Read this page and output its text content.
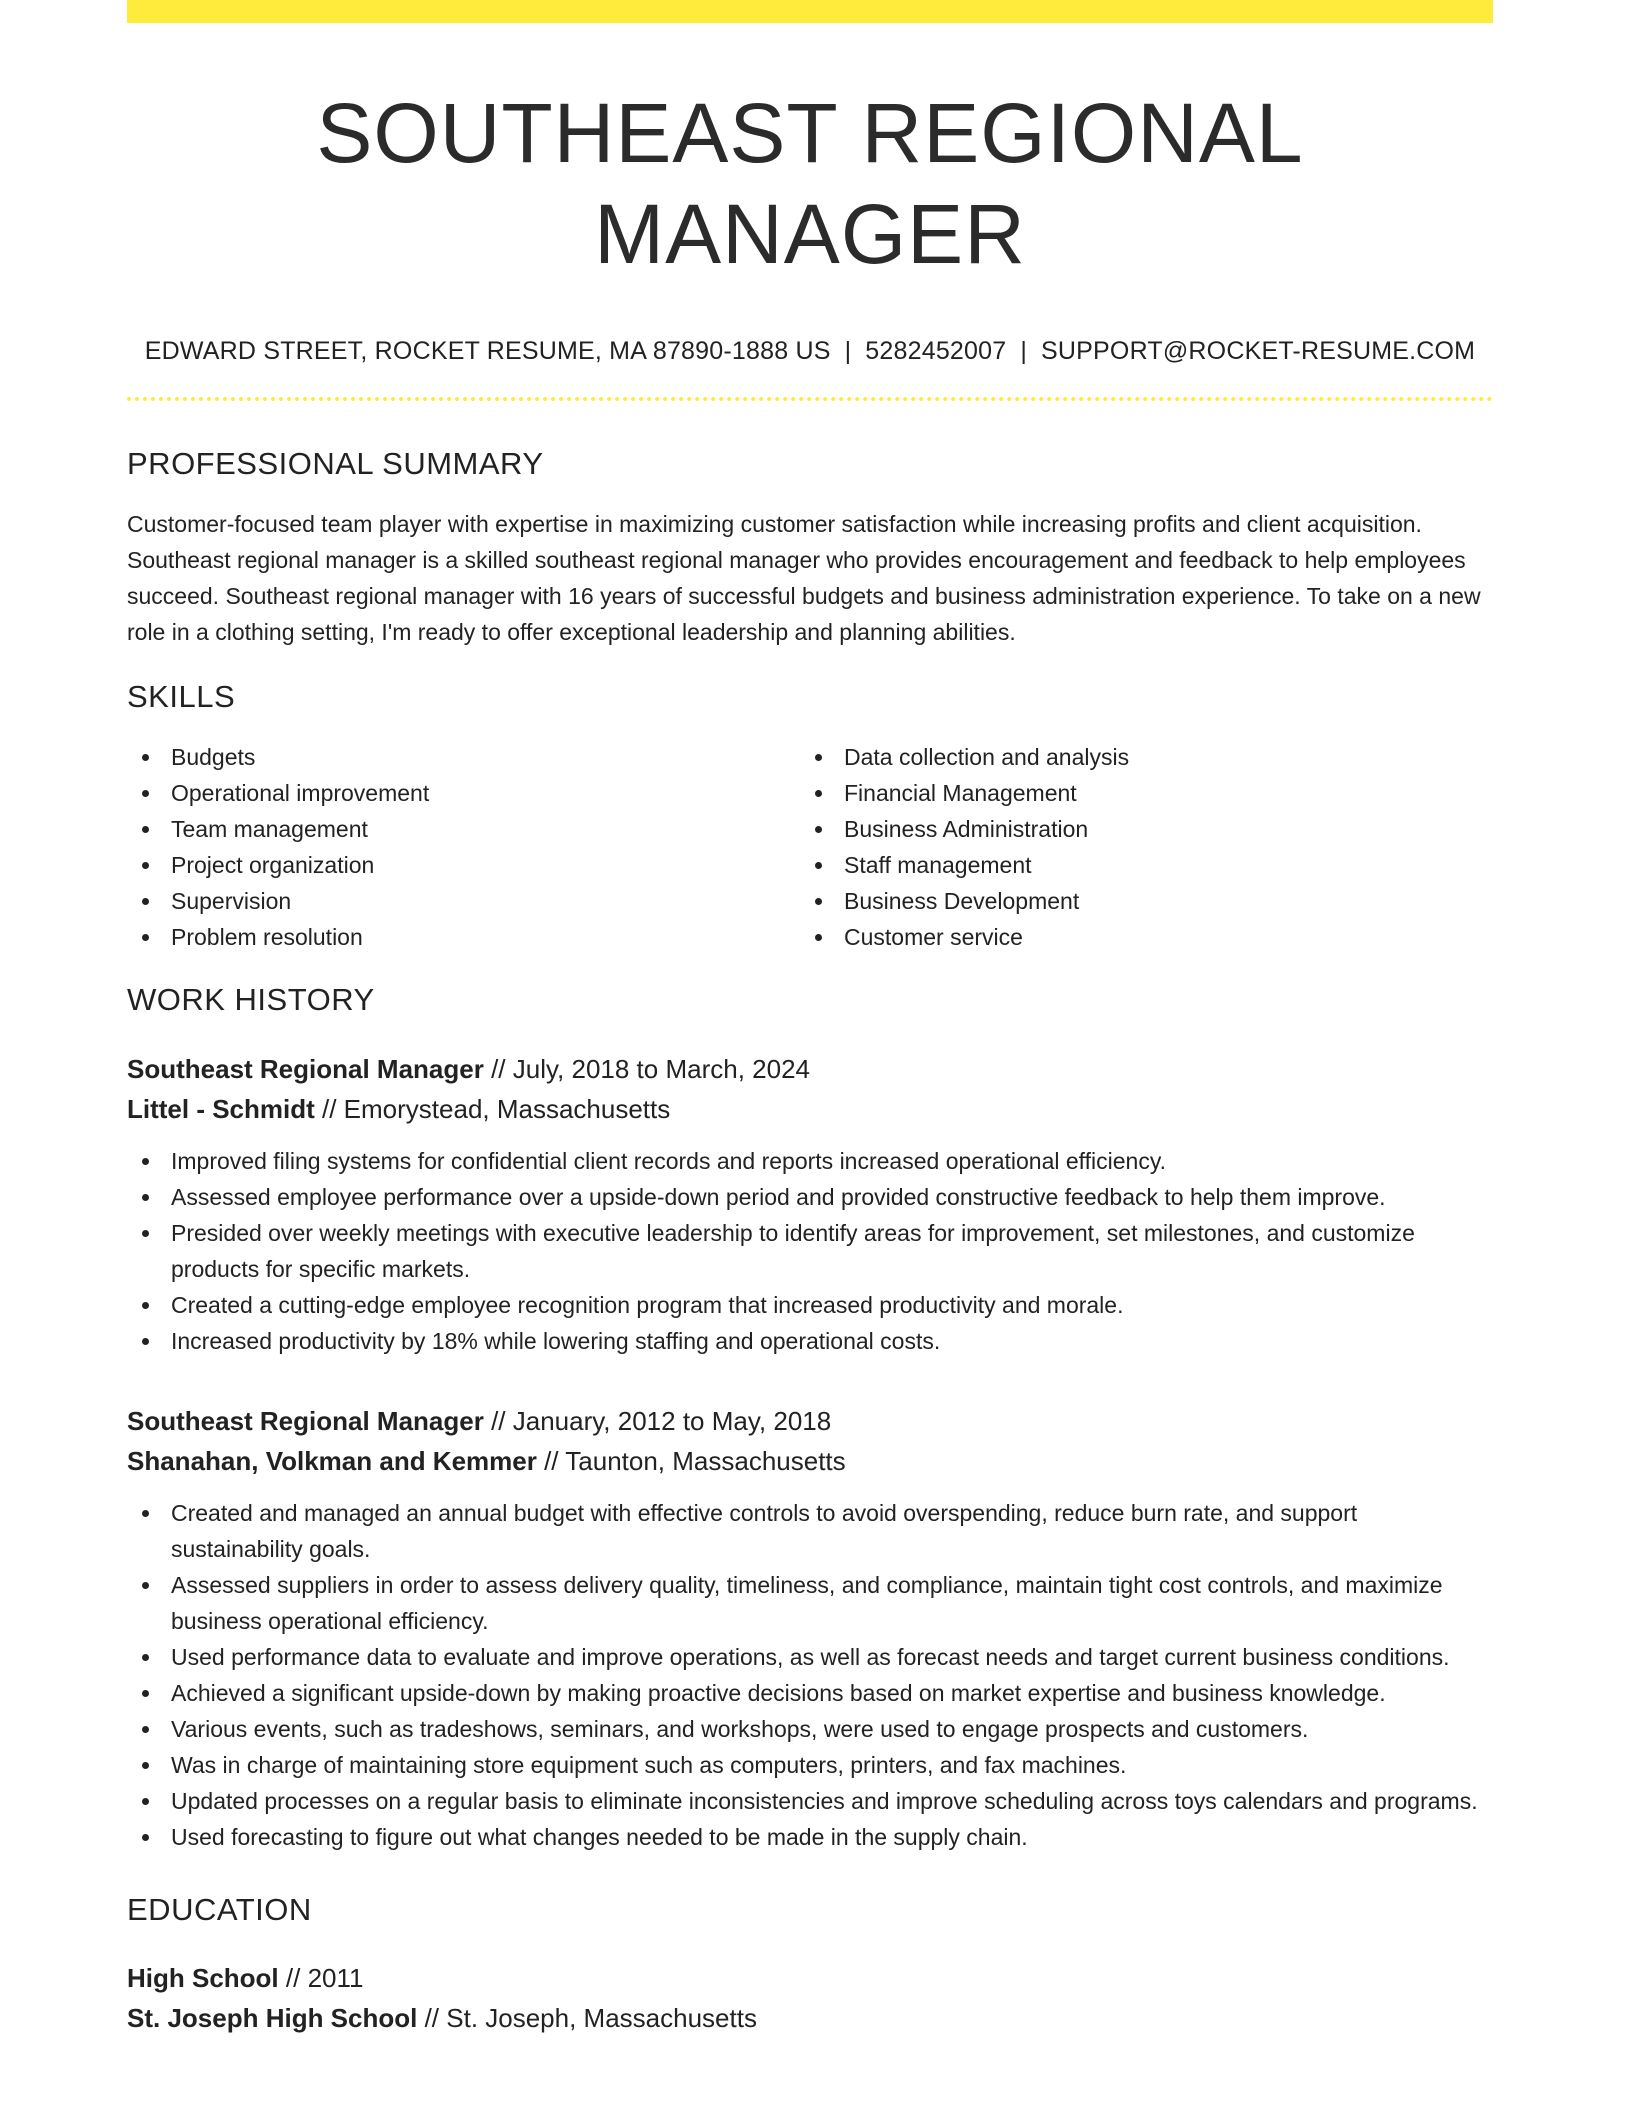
SOUTHEAST REGIONAL MANAGER
EDWARD STREET, ROCKET RESUME, MA 87890-1888 US | 5282452007 | SUPPORT@ROCKET-RESUME.COM
PROFESSIONAL SUMMARY

Customer-focused team player with expertise in maximizing customer satisfaction while increasing profits and client acquisition. Southeast regional manager is a skilled southeast regional manager who provides encouragement and feedback to help employees succeed. Southeast regional manager with 16 years of successful budgets and business administration experience. To take on a new role in a clothing setting, I'm ready to offer exceptional leadership and planning abilities.

SKILLS
Budgets
Operational improvement
Team management
Project organization
Supervision
Problem resolution
Data collection and analysis
Financial Management
Business Administration
Staff management
Business Development
Customer service
WORK HISTORY
Southeast Regional Manager // July, 2018 to March, 2024
Littel - Schmidt // Emorystead, Massachusetts
Improved filing systems for confidential client records and reports increased operational efficiency.
Assessed employee performance over a upside-down period and provided constructive feedback to help them improve.
Presided over weekly meetings with executive leadership to identify areas for improvement, set milestones, and customize products for specific markets.
Created a cutting-edge employee recognition program that increased productivity and morale.
Increased productivity by 18% while lowering staffing and operational costs.
Southeast Regional Manager // January, 2012 to May, 2018
Shanahan, Volkman and Kemmer // Taunton, Massachusetts
Created and managed an annual budget with effective controls to avoid overspending, reduce burn rate, and support sustainability goals.
Assessed suppliers in order to assess delivery quality, timeliness, and compliance, maintain tight cost controls, and maximize business operational efficiency.
Used performance data to evaluate and improve operations, as well as forecast needs and target current business conditions.
Achieved a significant upside-down by making proactive decisions based on market expertise and business knowledge.
Various events, such as tradeshows, seminars, and workshops, were used to engage prospects and customers.
Was in charge of maintaining store equipment such as computers, printers, and fax machines.
Updated processes on a regular basis to eliminate inconsistencies and improve scheduling across toys calendars and programs.
Used forecasting to figure out what changes needed to be made in the supply chain.
EDUCATION
High School // 2011
St. Joseph High School // St. Joseph, Massachusetts
